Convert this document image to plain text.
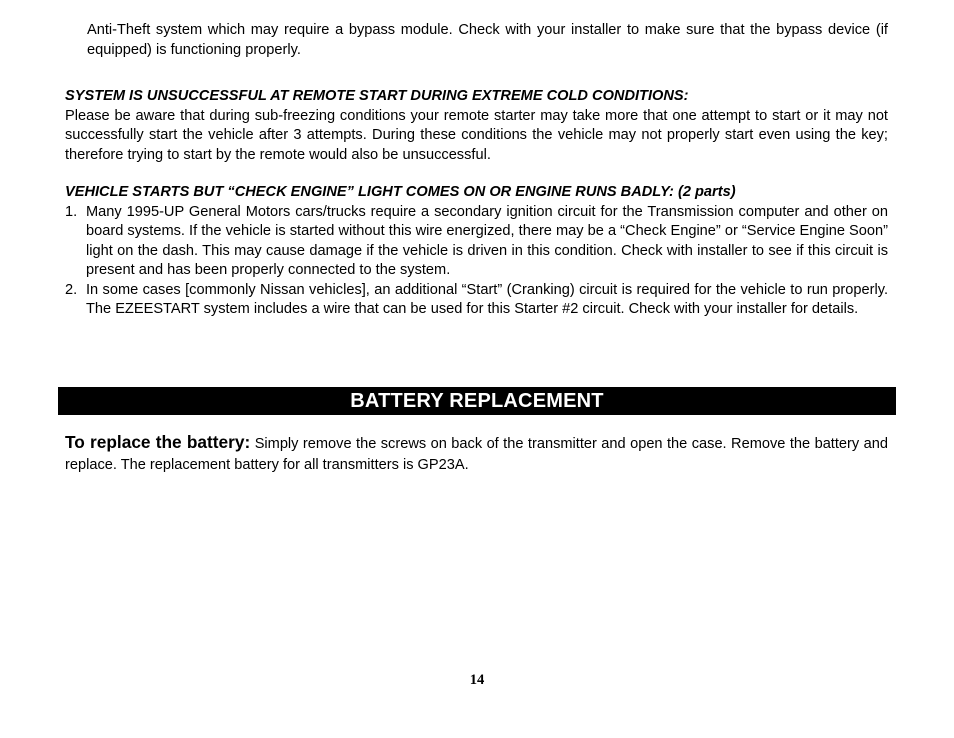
Anti-Theft system which may require a bypass module. Check with your installer to make sure that the bypass device (if equipped) is functioning properly.

SYSTEM IS UNSUCCESSFUL AT REMOTE START DURING EXTREME COLD CONDITIONS:
Please be aware that during sub-freezing conditions your remote starter may take more that one attempt to start or it may not successfully start the vehicle after 3 attempts. During these conditions the vehicle may not properly start even using the key; therefore trying to start by the remote would also be unsuccessful.
VEHICLE STARTS BUT “CHECK ENGINE” LIGHT COMES ON OR ENGINE RUNS BADLY: (2 parts)
1. Many 1995-UP General Motors cars/trucks require a secondary ignition circuit for the Transmission computer and other on board systems. If the vehicle is started without this wire energized, there may be a “Check Engine” or “Service Engine Soon” light on the dash. This may cause damage if the vehicle is driven in this condition. Check with installer to see if this circuit is present and has been properly connected to the system.
2. In some cases [commonly Nissan vehicles], an additional “Start” (Cranking) circuit is required for the vehicle to run properly. The EZEESTART system includes a wire that can be used for this Starter #2 circuit. Check with your installer for details.
BATTERY REPLACEMENT

To replace the battery: Simply remove the screws on back of the transmitter and open the case. Remove the battery and replace. The replacement battery for all transmitters is GP23A.

14
